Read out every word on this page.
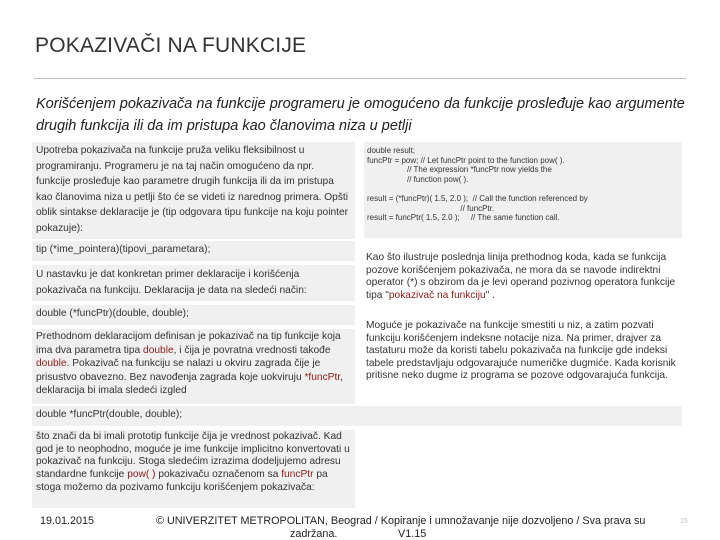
POKAZIVAČI NA FUNKCIJE
Korišćenjem pokazivača na funkcije programeru je omogućeno da funkcije prosleđuje kao argumente drugih funkcija ili da im pristupa kao članovima niza u petlji
Upotreba pokazivača na funkcije pruža veliku fleksibilnost u programiranju. Programeru je na taj način omogućeno da npr. funkcije prosleđuje kao parametre drugih funkcija ili da im pristupa kao članovima niza u petlji što će se videti iz narednog primera. Opšti oblik sintakse deklaracije je (tip odgovara tipu funkcije na koju pointer pokazuje):
tip (*ime_pointera)(tipovi_parametara);
U nastavku je dat konkretan primer deklaracije i korišćenja pokazivača na funkciju. Deklaracija je data na sledeći način:
double (*funcPtr)(double, double);
Prethodnom deklaracijom definisan je pokazivač na tip funkcije koja ima dva parametra tipa double, i čija je povratna vrednosti takođe double. Pokazivač na funkciju se nalazi u okviru zagrada čije je prisustvo obavezno. Bez navođenja zagrada koje uokviruju *funcPtr, deklaracija bi imala sledeći izgled
double *funcPtr(double, double);
što znači da bi imali prototip funkcije čija je vrednost pokazivač. Kad god je to neophodno, moguće je ime funkcije implicitno konvertovati u pokazivač na funkciju. Stoga sledećim izrazima dodeljujemo adresu standardne funkcije pow( ) pokazivaču označenom sa funcPtr pa stoga možemo da pozivamo funkciju korišćenjem pokazivača:
double result;
funcPtr = pow; // Let funcPtr point to the function pow( ).
// The expression *funcPtr now yields the
// function pow( ).
result = (*funcPtr)( 1.5, 2.0 );  // Call the function referenced by
// funcPtr.
result = funcPtr( 1.5, 2.0 );     // The same function call.
Kao što ilustruje poslednja linija prethodnog koda, kada se funkcija pozove korišćenjem pokazivača, ne mora da se navode indirektni operator (*) s obzirom da je levi operand pozivnog operatora funkcije tipa "pokazivač na funkciju" .
Moguće je pokazivače na funkcije smestiti u niz, a zatim pozvati funkciju korišćenjem indeksne notacije niza. Na primer, drajver za tastaturu može da koristi tabelu pokazivača na funkcije gde indeksi tabele predstavljaju odgovarajuće numeričke dugmiće. Kada korisnik pritisne neko dugme iz programa se pozove odgovarajuća funkcija.
19.01.2015	© UNIVERZITET METROPOLITAN, Beograd / Kopiranje i umnožavanje nije dozvoljeno / Sva prava su
zadržana.	V1.15
15
